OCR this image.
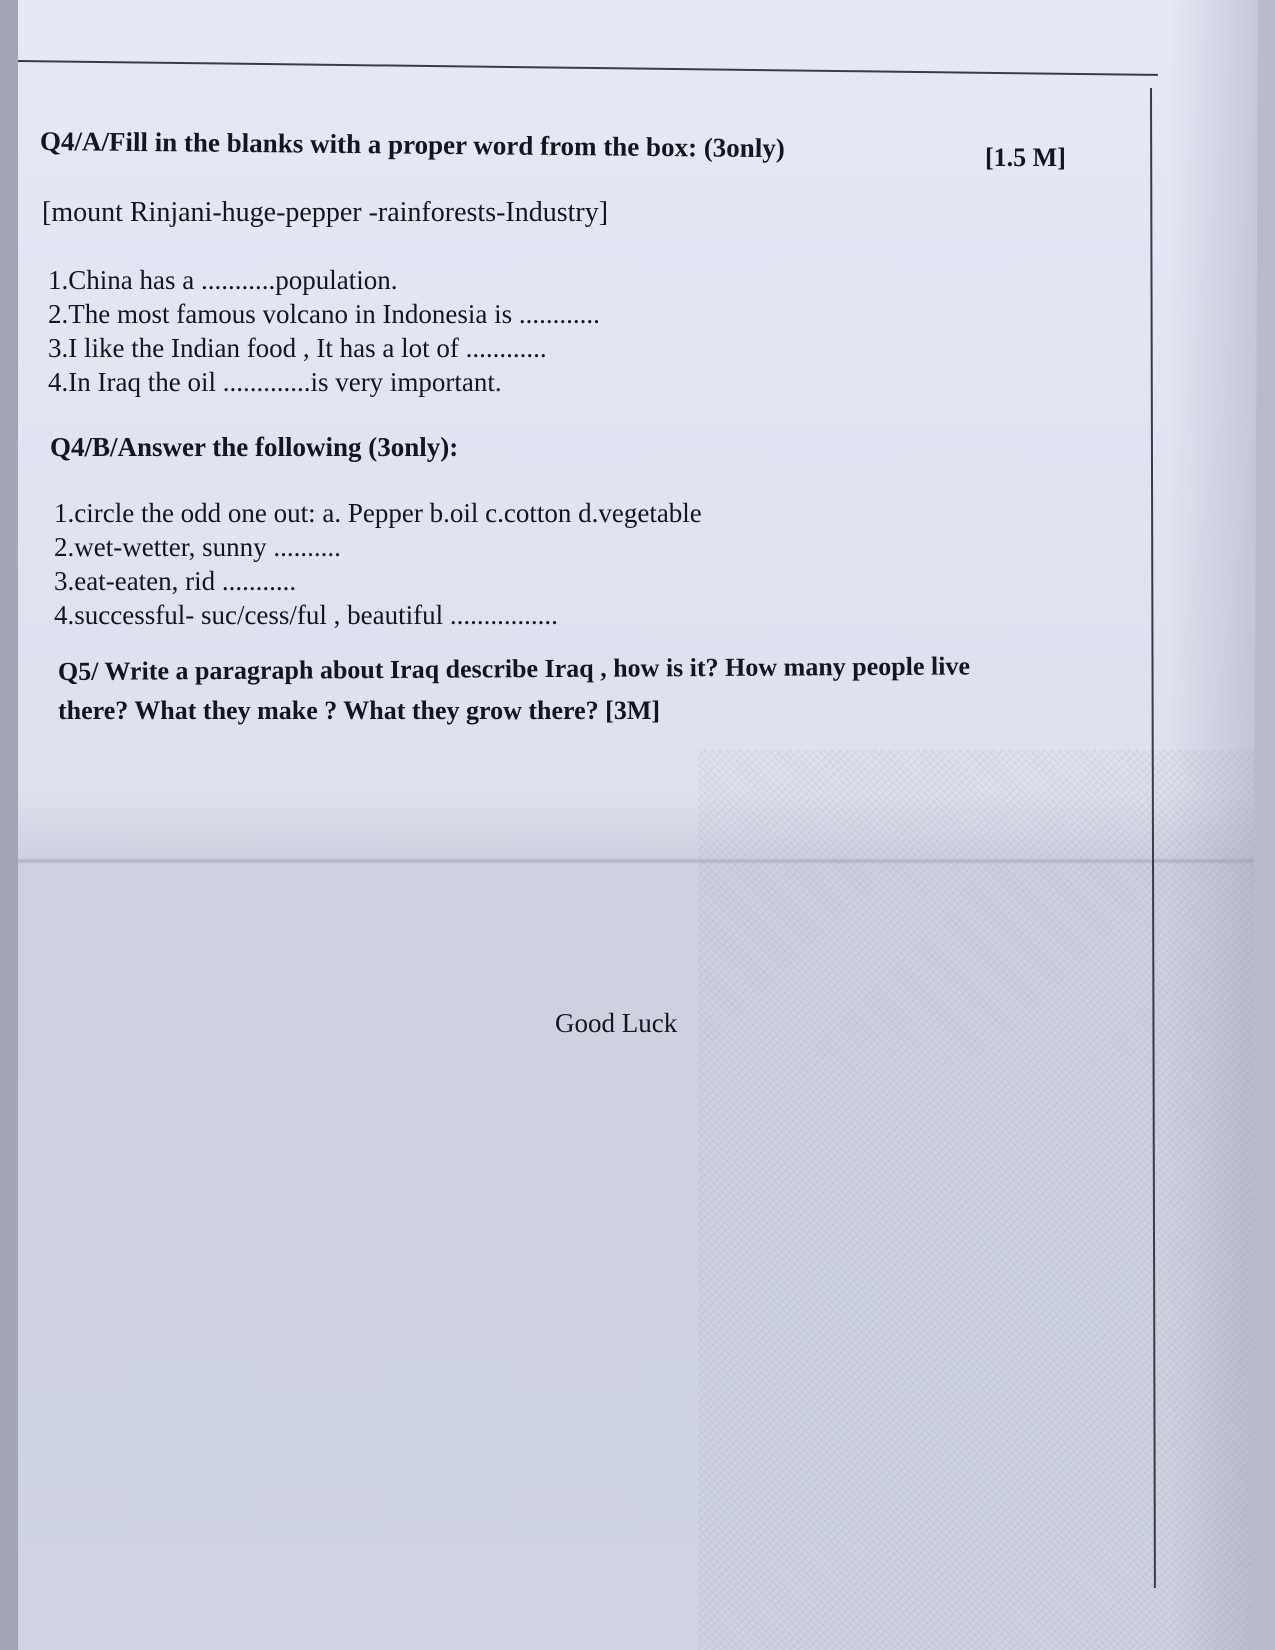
[1.5 M]
Q4/A/Fill in the blanks with a proper word from the box: (3only)
[mount Rinjani-huge-pepper -rainforests-Industry]
1.China has a ...........population.
2.The most famous volcano in Indonesia is ............
3.I like the Indian food , It has a lot of ............
4.In Iraq the oil .............is very important.
Q4/B/Answer the following (3only):
1.circle the odd one out: a. Pepper b.oil c.cotton d.vegetable
2.wet-wetter, sunny ..........
3.eat-eaten, rid ...........
4.successful- suc/cess/ful , beautiful ................
Q5/ Write a paragraph about Iraq describe Iraq , how is it? How many people live
there? What they make ? What they grow there? [3M]
Good Luck
